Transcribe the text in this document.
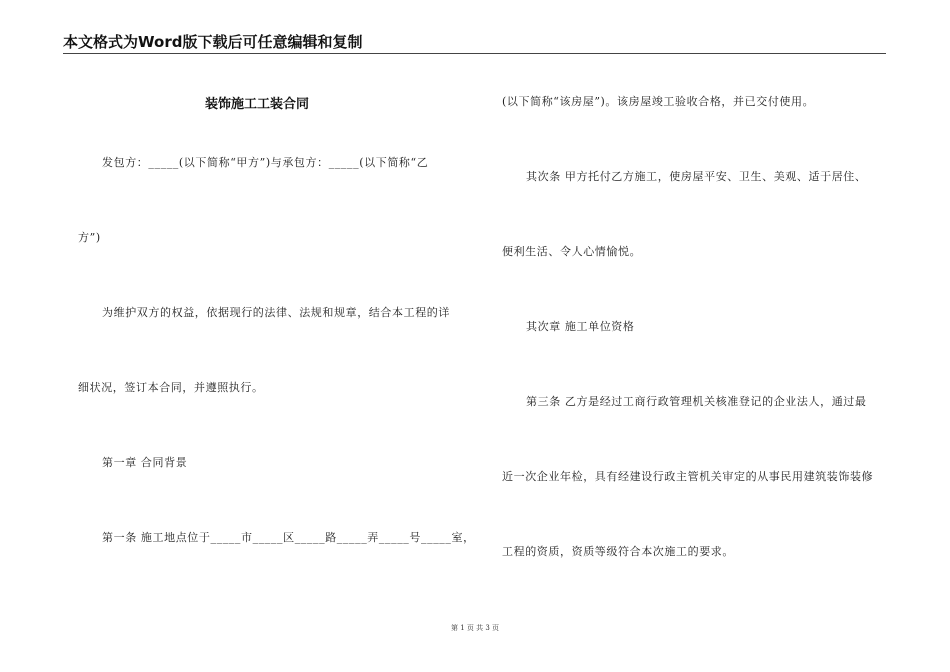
本文格式为Word版下载后可任意编辑和复制
装饰施工工装合同
发包方：_____(以下简称“甲方”)与承包方：_____(以下简称“乙
方”)
为维护双方的权益，依据现行的法律、法规和规章，结合本工程的详
细状况，签订本合同，并遵照执行。
第一章 合同背景
第一条 施工地点位于_____市_____区_____路_____弄_____号_____室，
(以下简称“该房屋”)。该房屋竣工验收合格，并已交付使用。
其次条 甲方托付乙方施工，使房屋平安、卫生、美观、适于居住、
便利生活、令人心情愉悦。
其次章 施工单位资格
第三条 乙方是经过工商行政管理机关核准登记的企业法人，通过最
近一次企业年检，具有经建设行政主管机关审定的从事民用建筑装饰装修
工程的资质，资质等级符合本次施工的要求。
第 1 页 共 3 页
